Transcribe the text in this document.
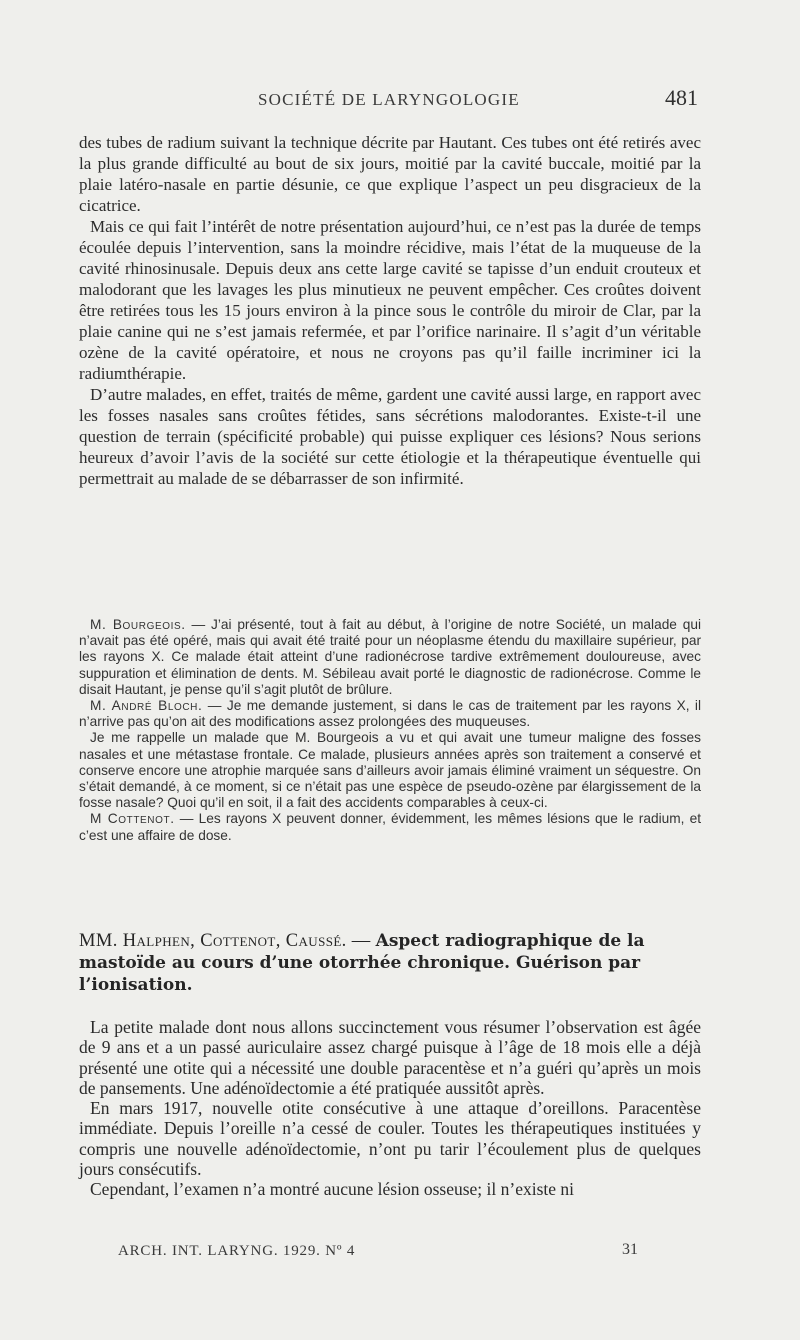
SOCIÉTÉ DE LARYNGOLOGIE	481

des tubes de radium suivant la technique décrite par Hautant. Ces tubes ont été retirés avec la plus grande difficulté au bout de six jours, moitié par la cavité buccale, moitié par la plaie latéro-nasale en partie désunie, ce que explique l’aspect un peu disgracieux de la cicatrice.

Mais ce qui fait l’intérêt de notre présentation aujourd’hui, ce n’est pas la durée de temps écoulée depuis l’intervention, sans la moindre récidive, mais l’état de la muqueuse de la cavité rhinosinusale. Depuis deux ans cette large cavité se tapisse d’un enduit crouteux et malodorant que les lavages les plus minutieux ne peuvent empêcher. Ces croûtes doivent être retirées tous les 15 jours environ à la pince sous le contrôle du miroir de Clar, par la plaie canine qui ne s’est jamais refermée, et par l’orifice narinaire. Il s’agit d’un véritable ozène de la cavité opératoire, et nous ne croyons pas qu’il faille incriminer ici la radiumthérapie.

D’autre malades, en effet, traités de même, gardent une cavité aussi large, en rapport avec les fosses nasales sans croûtes fétides, sans sécrétions malodorantes. Existe-t-il une question de terrain (spécificité probable) qui puisse expliquer ces lésions? Nous serions heureux d’avoir l’avis de la société sur cette étiologie et la thérapeutique éventuelle qui permettrait au malade de se débarrasser de son infirmité.

M. Bourgeois. — J’ai présenté, tout à fait au début, à l’origine de notre Société, un malade qui n’avait pas été opéré, mais qui avait été traité pour un néoplasme étendu du maxillaire supérieur, par les rayons X. Ce malade était atteint d’une radionécrose tardive extrêmement douloureuse, avec suppuration et élimination de dents. M. Sébileau avait porté le diagnostic de radionécrose. Comme le disait Hautant, je pense qu’il s’agit plutôt de brûlure.

M. André Bloch. — Je me demande justement, si dans le cas de traitement par les rayons X, il n’arrive pas qu’on ait des modifications assez prolongées des muqueuses.

Je me rappelle un malade que M. Bourgeois a vu et qui avait une tumeur maligne des fosses nasales et une métastase frontale. Ce malade, plusieurs années après son traitement a conservé et conserve encore une atrophie marquée sans d’ailleurs avoir jamais éliminé vraiment un séquestre. On s’était demandé, à ce moment, si ce n’était pas une espèce de pseudo-ozène par élargissement de la fosse nasale? Quoi qu’il en soit, il a fait des accidents comparables à ceux-ci.

M Cottenot. — Les rayons X peuvent donner, évidemment, les mêmes lésions que le radium, et c’est une affaire de dose.

MM. Halphen, Cottenot, Caussé. — Aspect radiographique de la mastoïde au cours d’une otorrhée chronique. Guérison par l’ionisation.

La petite malade dont nous allons succinctement vous résumer l’observation est âgée de 9 ans et a un passé auriculaire assez chargé puisque à l’âge de 18 mois elle a déjà présenté une otite qui a nécessité une double paracentèse et n’a guéri qu’après un mois de pansements. Une adénoïdectomie a été pratiquée aussitôt après.

En mars 1917, nouvelle otite consécutive à une attaque d’oreillons. Paracentèse immédiate. Depuis l’oreille n’a cessé de couler. Toutes les thérapeutiques instituées y compris une nouvelle adénoïdectomie, n’ont pu tarir l’écoulement plus de quelques jours consécutifs.

Cependant, l’examen n’a montré aucune lésion osseuse; il n’existe ni

ARCH. INT. LARYNG. 1929. Nº 4	31
